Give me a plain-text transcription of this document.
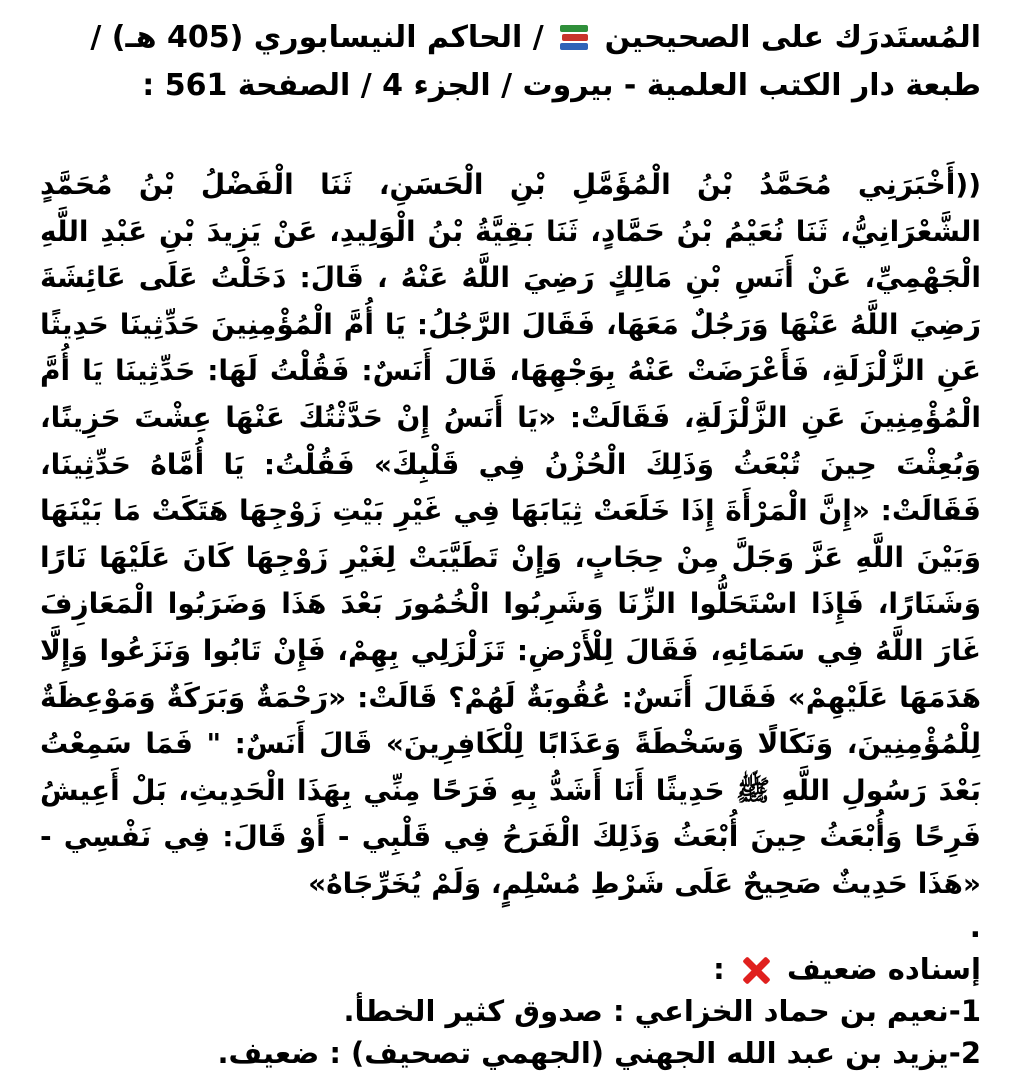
المُستَدرَك على الصحيحين
/ الحاكم النيسابوري (405 هـ) /
طبعة دار الكتب العلمية - بيروت / الجزء 4 / الصفحة 561 :

((أَخْبَرَنِي مُحَمَّدُ بْنُ الْمُؤَمَّلِ بْنِ الْحَسَنِ، ثَنَا الْفَضْلُ بْنُ مُحَمَّدٍ الشَّعْرَانِيُّ، ثَنَا نُعَيْمُ بْنُ حَمَّادٍ، ثَنَا بَقِيَّةُ بْنُ الْوَلِيدِ، عَنْ يَزِيدَ بْنِ عَبْدِ اللَّهِ الْجَهْمِيِّ، عَنْ أَنَسِ بْنِ مَالِكٍ رَضِيَ اللَّهُ عَنْهُ ، قَالَ: دَخَلْتُ عَلَى عَائِشَةَ رَضِيَ اللَّهُ عَنْهَا وَرَجُلٌ مَعَهَا، فَقَالَ الرَّجُلُ: يَا أُمَّ الْمُؤْمِنِينَ حَدِّثِينَا حَدِيثًا عَنِ الزَّلْزَلَةِ، فَأَعْرَضَتْ عَنْهُ بِوَجْهِهَا، قَالَ أَنَسٌ: فَقُلْتُ لَهَا: حَدِّثِينَا يَا أُمَّ الْمُؤْمِنِينَ عَنِ الزَّلْزَلَةِ، فَقَالَتْ: «يَا أَنَسُ إِنْ حَدَّثْتُكَ عَنْهَا عِشْتَ حَزِينًا، وَبُعِثْتَ حِينَ تُبْعَثُ وَذَلِكَ الْحُزْنُ فِي قَلْبِكَ» فَقُلْتُ: يَا أُمَّاهُ حَدِّثِينَا، فَقَالَتْ: «إِنَّ الْمَرْأَةَ إِذَا خَلَعَتْ ثِيَابَهَا فِي غَيْرِ بَيْتِ زَوْجِهَا هَتَكَتْ مَا بَيْنَهَا وَبَيْنَ اللَّهِ عَزَّ وَجَلَّ مِنْ حِجَابٍ، وَإِنْ تَطَيَّبَتْ لِغَيْرِ زَوْجِهَا كَانَ عَلَيْهَا نَارًا وَشَنَارًا، فَإِذَا اسْتَحَلُّوا الزِّنَا وَشَرِبُوا الْخُمُورَ بَعْدَ هَذَا وَضَرَبُوا الْمَعَازِفَ غَارَ اللَّهُ فِي سَمَائِهِ، فَقَالَ لِلْأَرْضِ: تَزَلْزَلِي بِهِمْ، فَإِنْ تَابُوا وَنَزَعُوا وَإِلَّا هَدَمَهَا عَلَيْهِمْ» فَقَالَ أَنَسٌ: عُقُوبَةٌ لَهُمْ؟ قَالَتْ: «رَحْمَةٌ وَبَرَكَةٌ وَمَوْعِظَةٌ لِلْمُؤْمِنِينَ، وَنَكَالًا وَسَخْطَةً وَعَذَابًا لِلْكَافِرِينَ» قَالَ أَنَسٌ: " فَمَا سَمِعْتُ بَعْدَ رَسُولِ اللَّهِ ﷺ حَدِيثًا أَنَا أَشَدُّ بِهِ فَرَحًا مِنِّي بِهَذَا الْحَدِيثِ، بَلْ أَعِيشُ فَرِحًا وَأُبْعَثُ حِينَ أُبْعَثُ وَذَلِكَ الْفَرَحُ فِي قَلْبِي - أَوْ قَالَ: فِي نَفْسِي - «هَذَا حَدِيثٌ صَحِيحٌ عَلَى شَرْطِ مُسْلِمٍ، وَلَمْ يُخَرِّجَاهُ»

.

إسناده ضعيف  :

1-نعيم بن حماد الخزاعي : صدوق كثير الخطأ.

2-يزيد بن عبد الله الجهني (الجهمي تصحيف) : ضعيف.
